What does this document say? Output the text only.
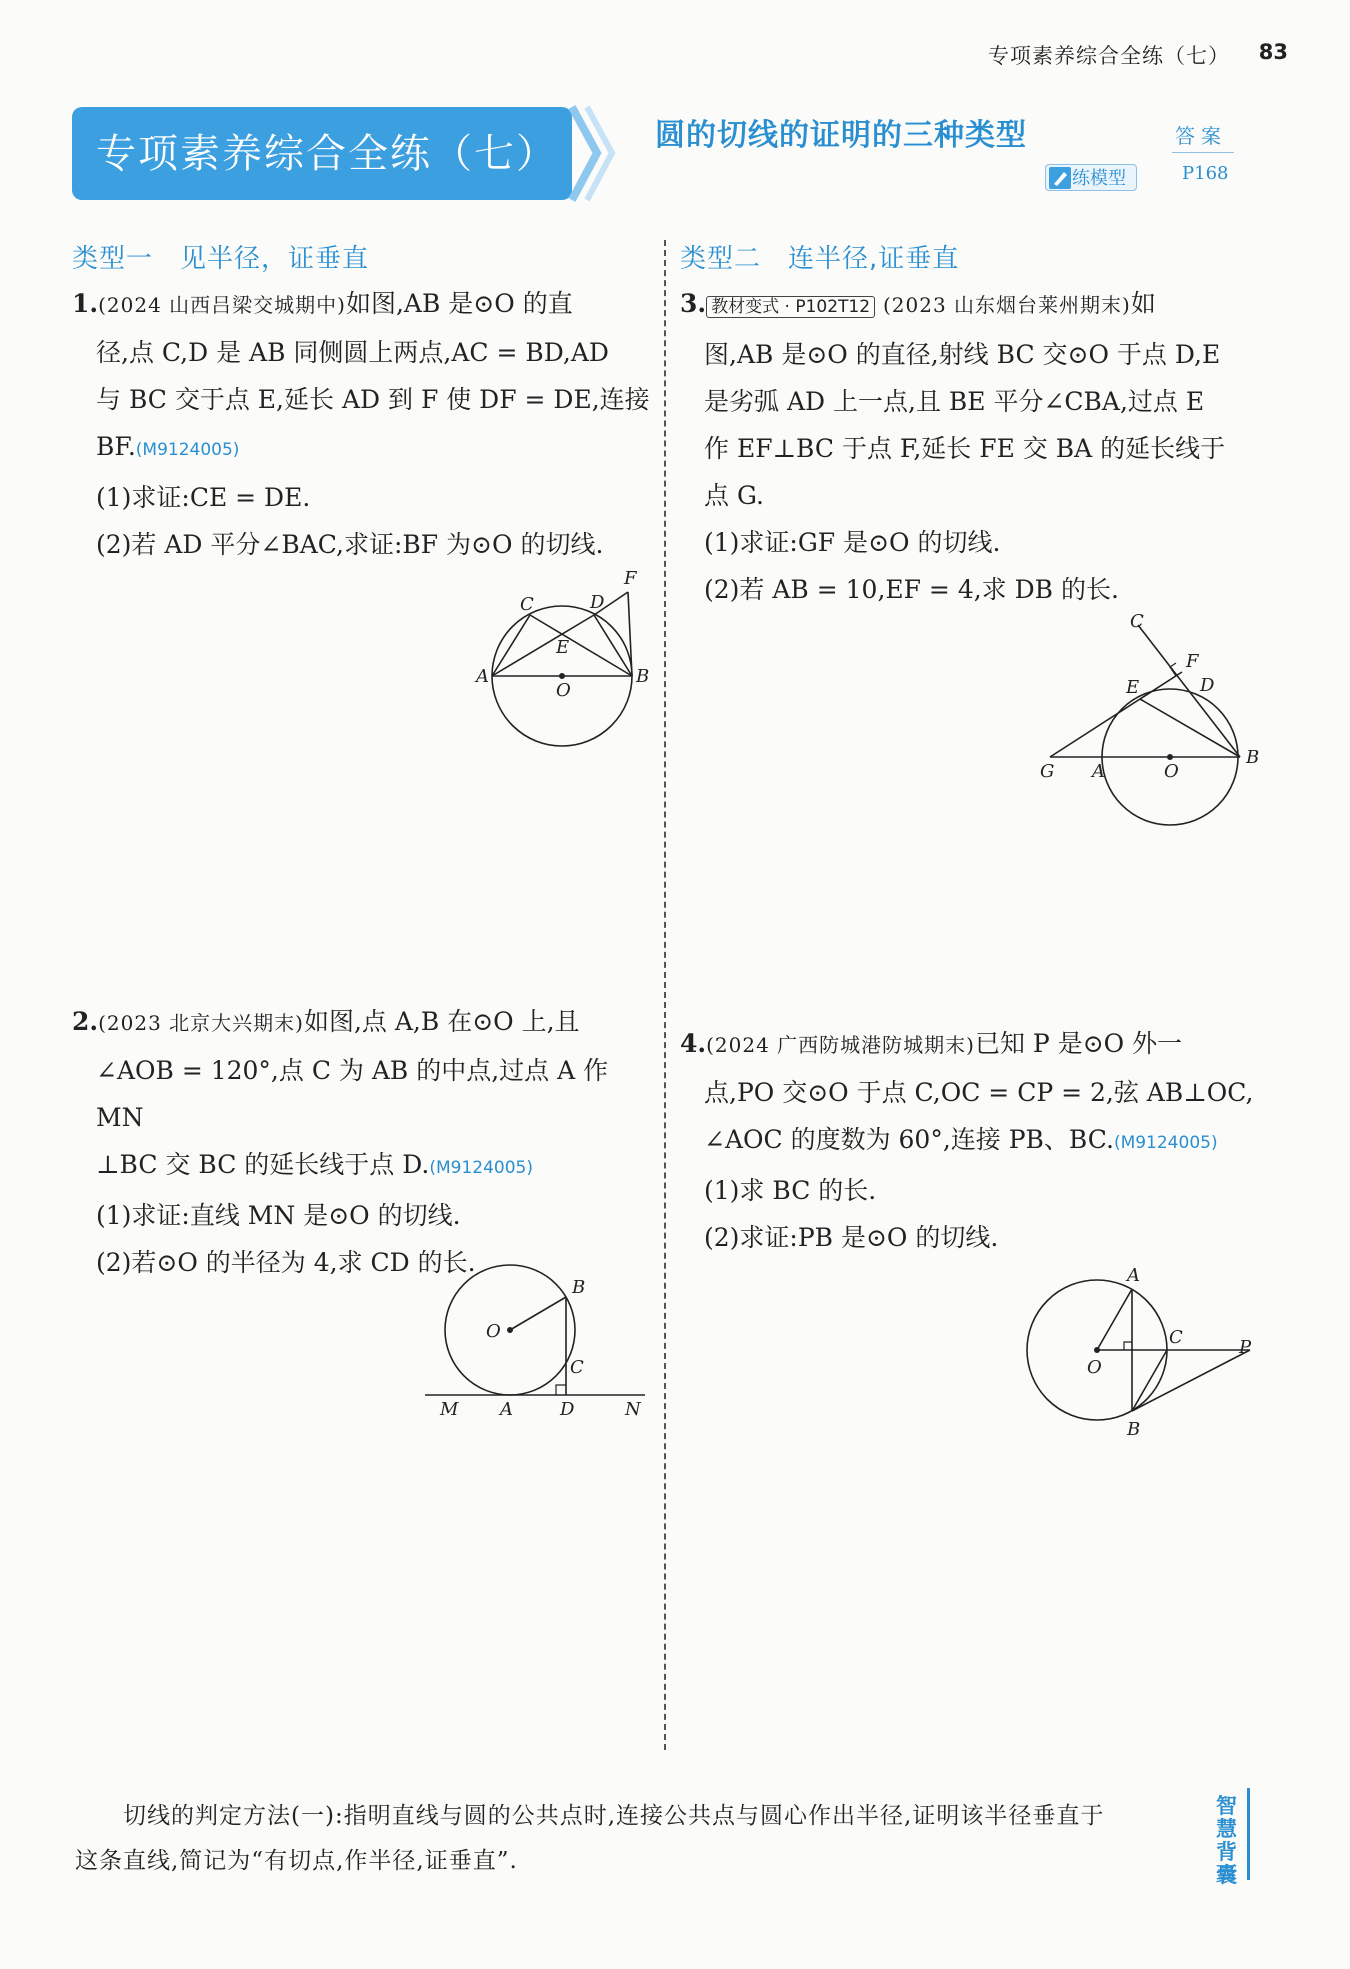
专项素养综合全练（七） 83
专项素养综合全练（七）	圆的切线的证明的三种类型
练模型
答案
P168
类型一　见半径，证垂直

1.(2024 山西吕梁交城期中)如图,AB 是⊙O 的直

径,点 C,D 是 AB 同侧圆上两点,AC = BD,AD

与 BC 交于点 E,延长 AD 到 F 使 DF = DE,连接

BF.(M9124005)

(1)求证:CE = DE.

(2)若 AD 平分∠BAC,求证:BF 为⊙O 的切线.

C	D
F
E
A
O
B

2.(2023 北京大兴期末)如图,点 A,B 在⊙O 上,且

∠AOB = 120°,点 C 为 AB 的中点,过点 A 作 MN

⊥BC 交 BC 的延长线于点 D.(M9124005)

(1)求证:直线 MN 是⊙O 的切线.

(2)若⊙O 的半径为 4,求 CD 的长.

B
O
C
M A	D	N
类型二　连半径,证垂直

3. 教材变式 · P102T12 (2023 山东烟台莱州期末)如

图,AB 是⊙O 的直径,射线 BC 交⊙O 于点 D,E

是劣弧 AD 上一点,且 BE 平分∠CBA,过点 E

作 EF⊥BC 于点 F,延长 FE 交 BA 的延长线于

点 G.

(1)求证:GF 是⊙O 的切线.

(2)若 AB = 10,EF = 4,求 DB 的长.

C
F
E	D
G A	O
B

4.(2024 广西防城港防城期末)已知 P 是⊙O 外一

点,PO 交⊙O 于点 C,OC = CP = 2,弦 AB⊥OC,

∠AOC 的度数为 60°,连接 PB、BC.(M9124005)

(1)求 BC 的长.

(2)求证:PB 是⊙O 的切线.

A
O
C	P
B
切线的判定方法(一):指明直线与圆的公共点时,连接公共点与圆心作出半径,证明该半径垂直于
这条直线,简记为“有切点,作半径,证垂直”.
智慧背囊
